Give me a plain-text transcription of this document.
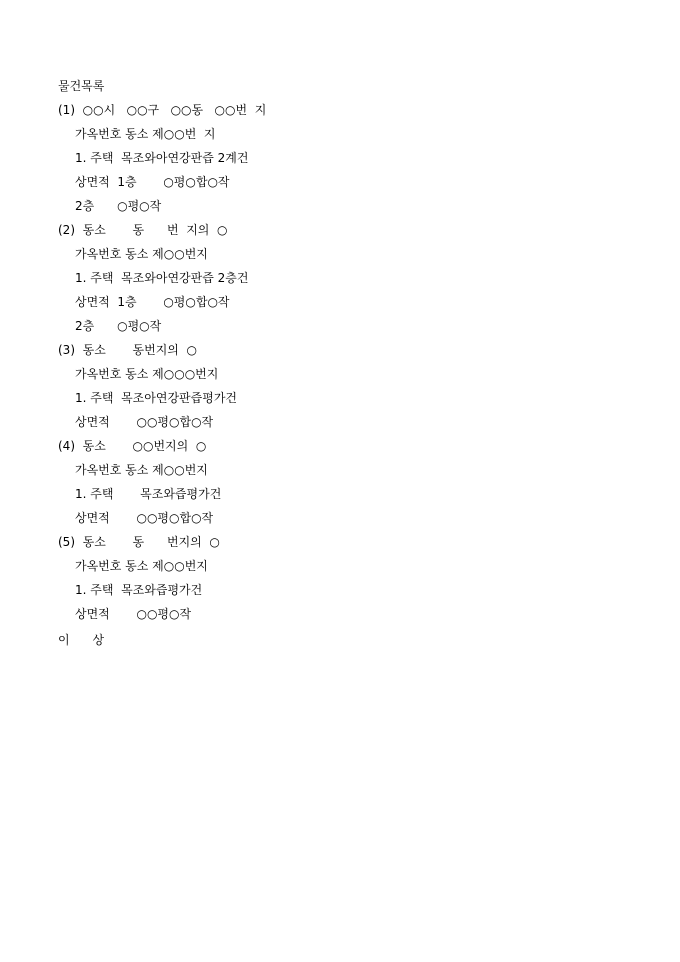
물건목록
(1)  ○○시   ○○구   ○○동   ○○번  지
가옥번호 동소 제○○번  지
1. 주택  목조와아연강판즙 2계건
상면적  1층       ○평○합○작
2층      ○평○작
(2)  동소       동      번  지의  ○
가옥번호 동소 제○○번지
1. 주택  목조와아연강판즙 2층건
상면적  1층       ○평○합○작
2층      ○평○작
(3)  동소       동번지의  ○
가옥번호 동소 제○○○번지
1. 주택  목조아연강판즙평가건
상면적       ○○평○합○작
(4)  동소       ○○번지의  ○
가옥번호 동소 제○○번지
1. 주택       목조와즙평가건
상면적       ○○평○합○작
(5)  동소       동      번지의  ○
가옥번호 동소 제○○번지
1. 주택  목조와즙평가건
상면적       ○○평○작
이      상
